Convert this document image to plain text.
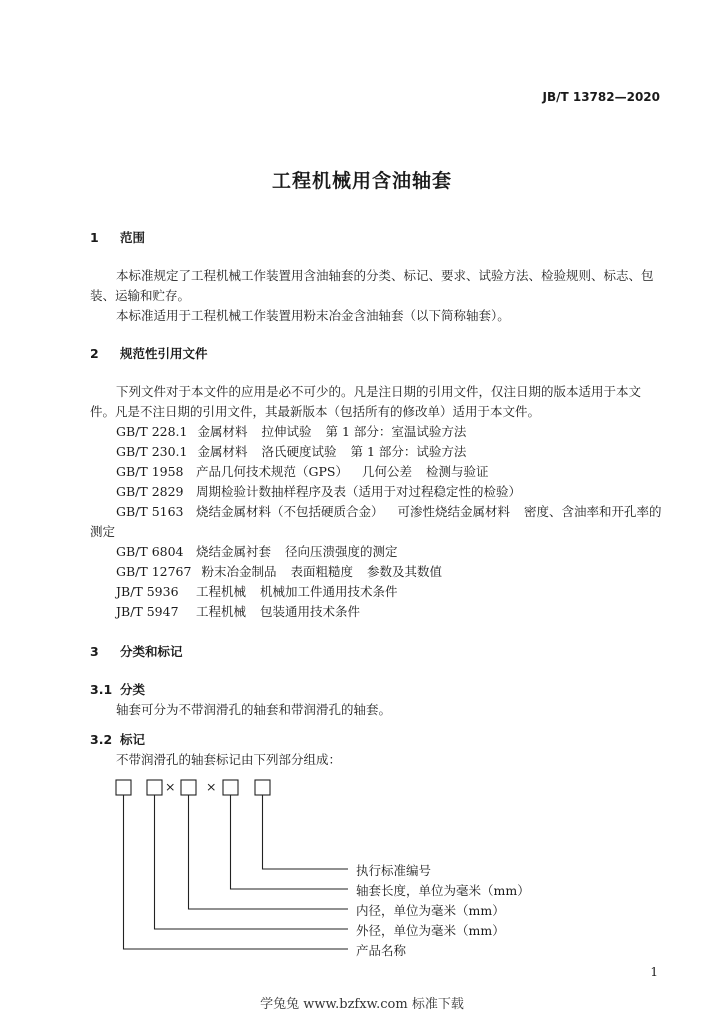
JB/T 13782—2020
工程机械用含油轴套
1 范围
本标准规定了工程机械工作装置用含油轴套的分类、标记、要求、试验方法、检验规则、标志、包
装、运输和贮存。
本标准适用于工程机械工作装置用粉末冶金含油轴套（以下简称轴套）。
2 规范性引用文件
下列文件对于本文件的应用是必不可少的。凡是注日期的引用文件，仅注日期的版本适用于本文
件。凡是不注日期的引用文件，其最新版本（包括所有的修改单）适用于本文件。
GB/T 228.1 金属材料 拉伸试验 第 1 部分：室温试验方法
GB/T 230.1 金属材料 洛氏硬度试验 第 1 部分：试验方法
GB/T 1958 产品几何技术规范（GPS） 几何公差 检测与验证
GB/T 2829 周期检验计数抽样程序及表（适用于对过程稳定性的检验）
GB/T 5163 烧结金属材料（不包括硬质合金） 可渗性烧结金属材料 密度、含油率和开孔率的
测定
GB/T 6804 烧结金属衬套 径向压溃强度的测定
GB/T 12767 粉末冶金制品 表面粗糙度 参数及其数值
JB/T 5936 工程机械 机械加工件通用技术条件
JB/T 5947 工程机械 包装通用技术条件
3 分类和标记
3.1 分类
轴套可分为不带润滑孔的轴套和带润滑孔的轴套。
3.2 标记
不带润滑孔的轴套标记由下列部分组成：
× ×
执行标准编号
轴套长度，单位为毫米（mm）
内径，单位为毫米（mm）
外径，单位为毫米（mm）
产品名称
1
学兔兔 www.bzfxw.com 标准下载
